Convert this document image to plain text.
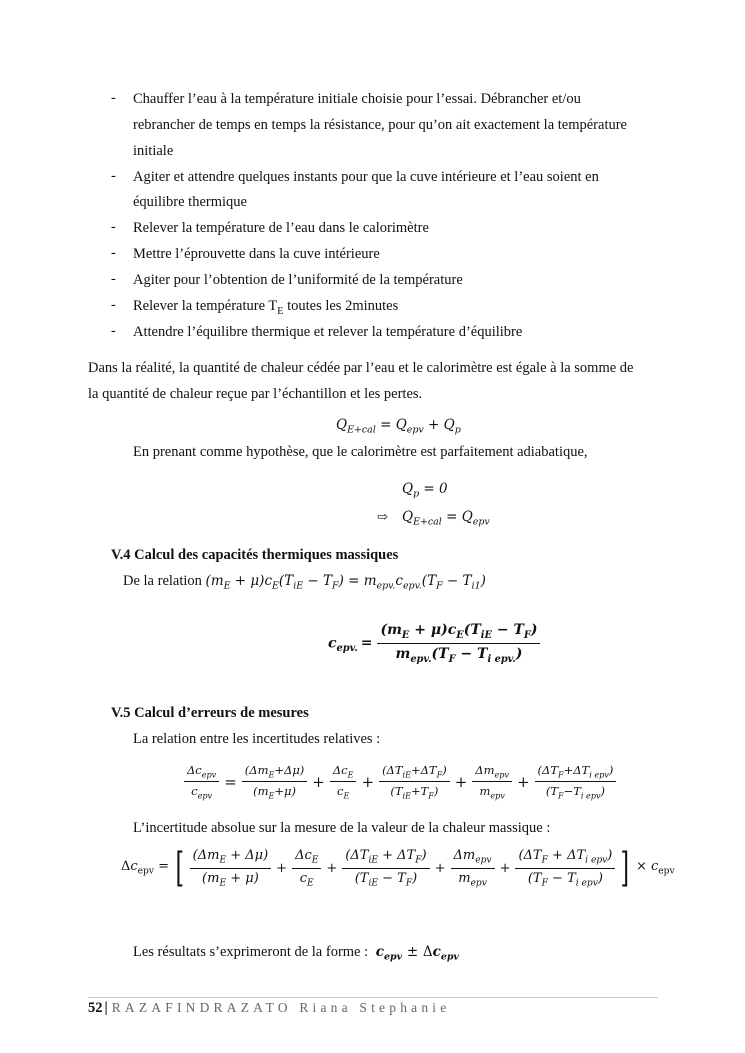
- Chauffer l’eau à la température initiale choisie pour l’essai. Débrancher et/ou
rebrancher de temps en temps la résistance, pour qu’on ait exactement la température
initiale
- Agiter et attendre quelques instants pour que la cuve intérieure et l’eau soient en
équilibre thermique
- Relever la température de l’eau dans le calorimètre
- Mettre l’éprouvette dans la cuve intérieure
- Agiter pour l’obtention de l’uniformité de la température
- Relever la température $T_E$ toutes les 2minutes
- Attendre l’équilibre thermique et relever la température d’équilibre
Dans la réalité, la quantité de chaleur cédée par l’eau et le calorimètre est égale à la somme de
la quantité de chaleur reçue par l’échantillon et les pertes.
$Q_{E+cal} = Q_{epv} + Q_p$
En prenant comme hypothèse, que le calorimètre est parfaitement adiabatique,
$Q_p = 0$
⇨ $Q_{E+cal} = Q_{epv}$
V.4 Calcul des capacités thermiques massiques
De la relation $(m_E + \mu)c_E(T_{iE} - T_F) = m_{epv.}c_{epv.}(T_F - T_{i1})$
$c_{epv.} = \frac{(m_E + \mu)c_E(T_{iE} - T_F)}{m_{epv.}(T_F - T_{i epv.})}$
V.5 Calcul d’erreurs de mesures
La relation entre les incertitudes relatives :
$\frac{\Delta c_{epv}}{c_{epv}} = \frac{(\Delta m_E+\Delta\mu)}{(m_E+\mu)} + \frac{\Delta c_E}{c_E} + \frac{(\Delta T_{iE}+\Delta T_F)}{(T_{iE}+T_F)} + \frac{\Delta m_{epv}}{m_{epv}} + \frac{(\Delta T_F+\Delta T_{i epv})}{(T_F-T_{i epv})}$
L’incertitude absolue sur la mesure de la valeur de la chaleur massique :
$\Delta c_{epv}$ = [ $\frac{(\Delta m_E + \Delta\mu)}{(m_E + \mu)} + \frac{\Delta c_E}{c_E} + \frac{(\Delta T_{iE} + \Delta T_F)}{(T_{iE} - T_F)} + \frac{\Delta m_{epv}}{m_{epv}} + \frac{(\Delta T_F + \Delta T_{i epv})}{(T_F - T_{i epv})}$ ] × $c_{epv}$
Les résultats s’exprimeront de la forme : $c_{epv} \pm \Delta c_{epv}$
52 | RAZAFINDRAZATO Riana Stephanie
